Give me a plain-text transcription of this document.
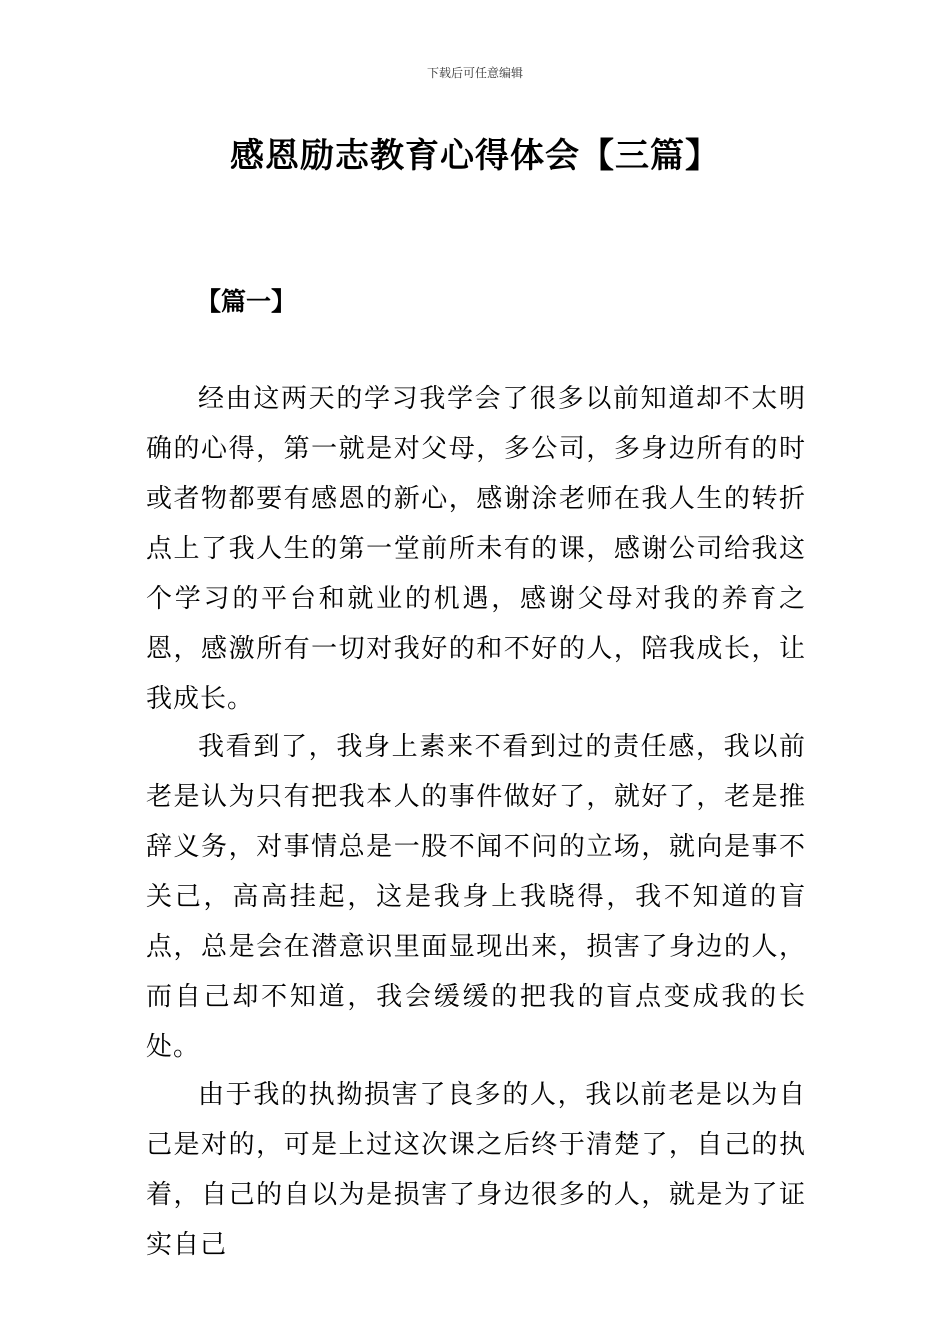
下载后可任意编辑
感恩励志教育心得体会【三篇】
【篇一】

经由这两天的学习我学会了很多以前知道却不太明确的心得，第一就是对父母，多公司，多身边所有的时或者物都要有感恩的新心，感谢涂老师在我人生的转折点上了我人生的第一堂前所未有的课，感谢公司给我这个学习的平台和就业的机遇，感谢父母对我的养育之恩，感激所有一切对我好的和不好的人，陪我成长，让我成长。

我看到了，我身上素来不看到过的责任感，我以前老是认为只有把我本人的事件做好了，就好了，老是推辞义务，对事情总是一股不闻不问的立场，就向是事不关己，高高挂起，这是我身上我晓得，我不知道的盲点，总是会在潜意识里面显现出来，损害了身边的人，而自己却不知道，我会缓缓的把我的盲点变成我的长处。

由于我的执拗损害了良多的人，我以前老是以为自己是对的，可是上过这次课之后终于清楚了，自己的执着，自己的自以为是损害了身边很多的人，就是为了证实自己
